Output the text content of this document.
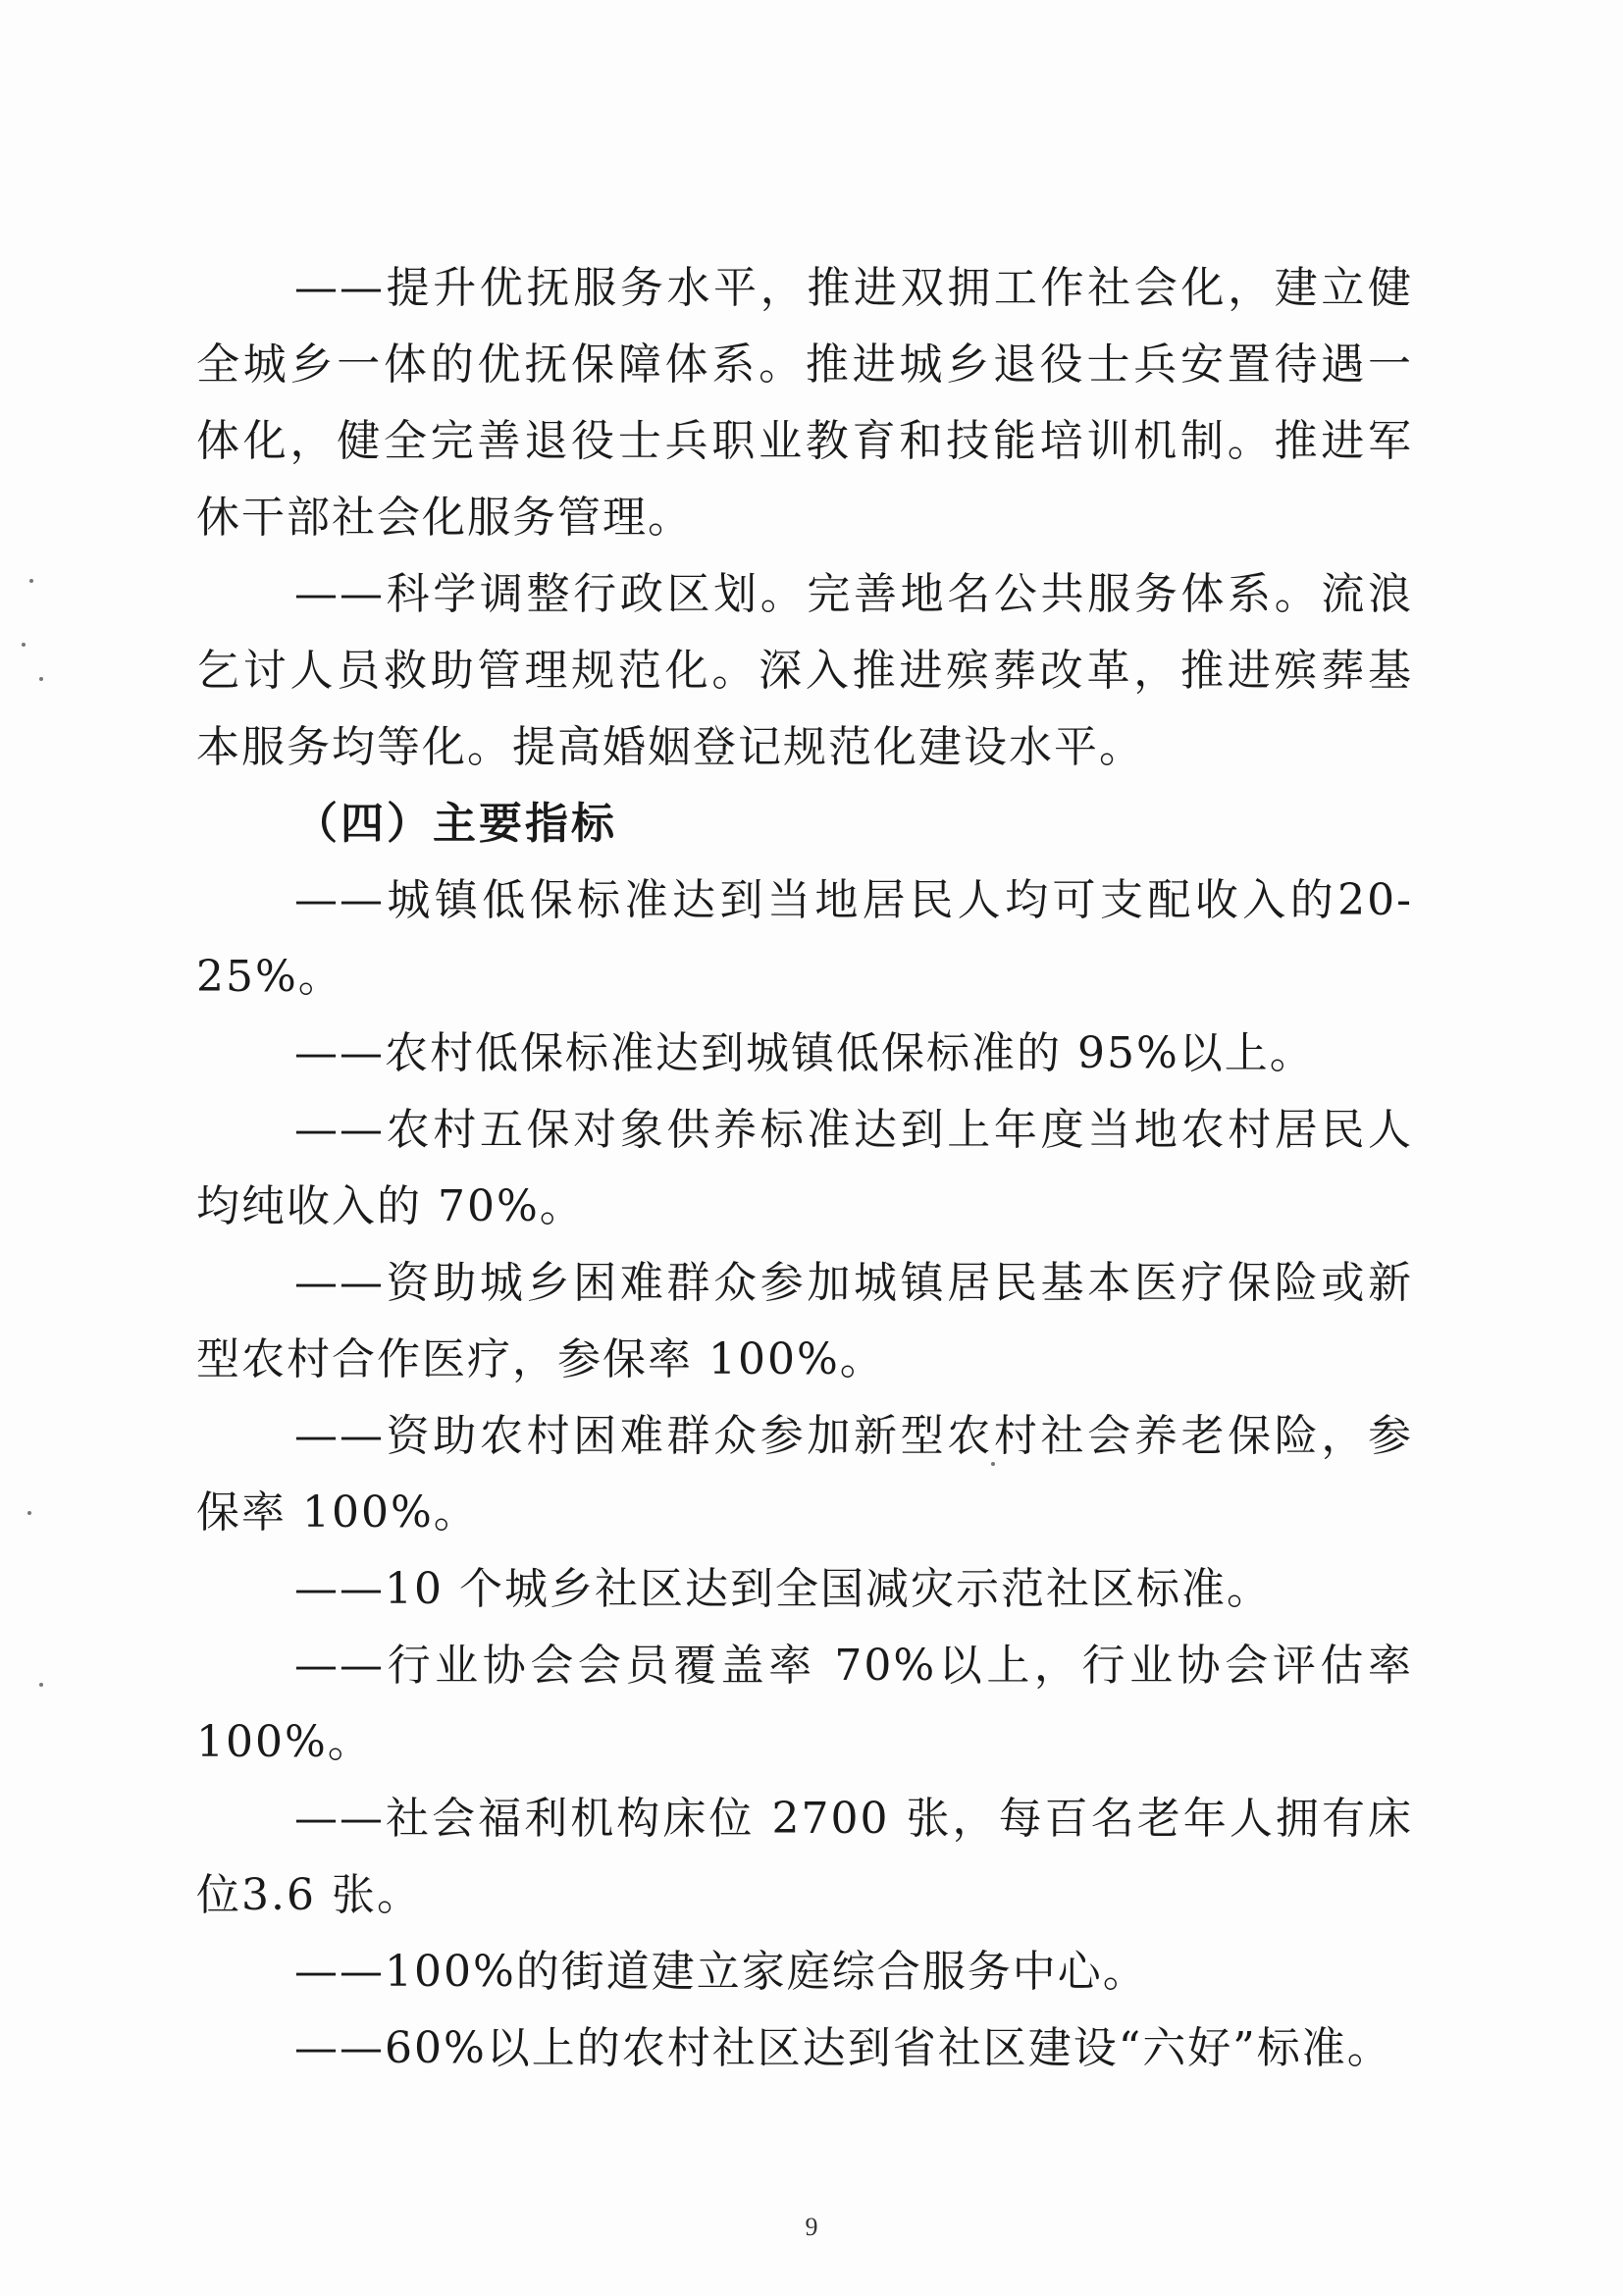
——提升优抚服务水平，推进双拥工作社会化，建立健全城乡一体的优抚保障体系。推进城乡退役士兵安置待遇一体化，健全完善退役士兵职业教育和技能培训机制。推进军休干部社会化服务管理。

——科学调整行政区划。完善地名公共服务体系。流浪乞讨人员救助管理规范化。深入推进殡葬改革，推进殡葬基本服务均等化。提高婚姻登记规范化建设水平。

（四）主要指标

——城镇低保标准达到当地居民人均可支配收入的20-25%。

——农村低保标准达到城镇低保标准的 95%以上。

——农村五保对象供养标准达到上年度当地农村居民人均纯收入的 70%。

——资助城乡困难群众参加城镇居民基本医疗保险或新型农村合作医疗，参保率 100%。

——资助农村困难群众参加新型农村社会养老保险，参保率 100%。

——10 个城乡社区达到全国减灾示范社区标准。

——行业协会会员覆盖率 70%以上，行业协会评估率100%。

——社会福利机构床位 2700 张，每百名老年人拥有床位3.6 张。

——100%的街道建立家庭综合服务中心。

——60%以上的农村社区达到省社区建设“六好”标准。

9
